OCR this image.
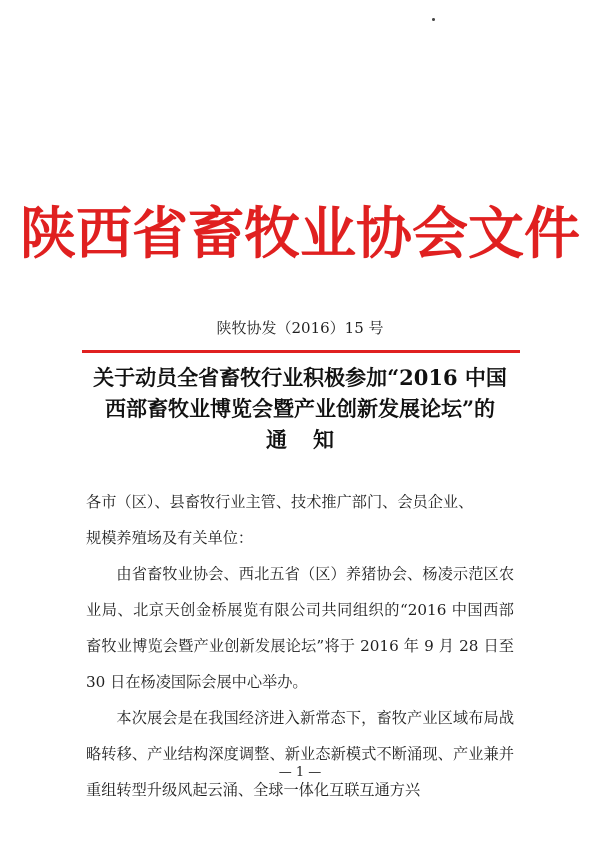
陕西省畜牧业协会文件
陕牧协发（2016）15 号
关于动员全省畜牧行业积极参加“2016 中国
西部畜牧业博览会暨产业创新发展论坛”的
通知

各市（区）、县畜牧行业主管、技术推广部门、会员企业、

规模养殖场及有关单位：

由省畜牧业协会、西北五省（区）养猪协会、杨凌示范区农业局、北京天创金桥展览有限公司共同组织的“2016 中国西部畜牧业博览会暨产业创新发展论坛”将于 2016 年 9 月 28 日至 30 日在杨凌国际会展中心举办。

本次展会是在我国经济进入新常态下，畜牧产业区域布局战略转移、产业结构深度调整、新业态新模式不断涌现、产业兼并重组转型升级风起云涌、全球一体化互联互通方兴

— 1 —
